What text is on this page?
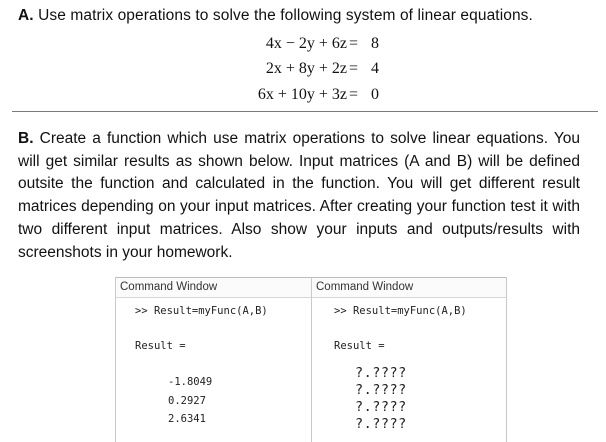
A. Use matrix operations to solve the following system of linear equations.
4x − 2y + 6z = 8
2x + 8y + 2z = 4
6x + 10y + 3z = 0
B. Create a function which use matrix operations to solve linear equations. You will get similar results as shown below. Input matrices (A and B) will be defined outsite the function and calculated in the function. You will get different result matrices depending on your input matrices. After creating your function test it with two different input matrices. Also show your inputs and outputs/results with screenshots in your homework.
Command Window
>> Result=myFunc(A,B)
Result =
-1.8049
0.2927
2.6341
Command Window
>> Result=myFunc(A,B)
Result =
?.????
?.????
?.????
?.????
